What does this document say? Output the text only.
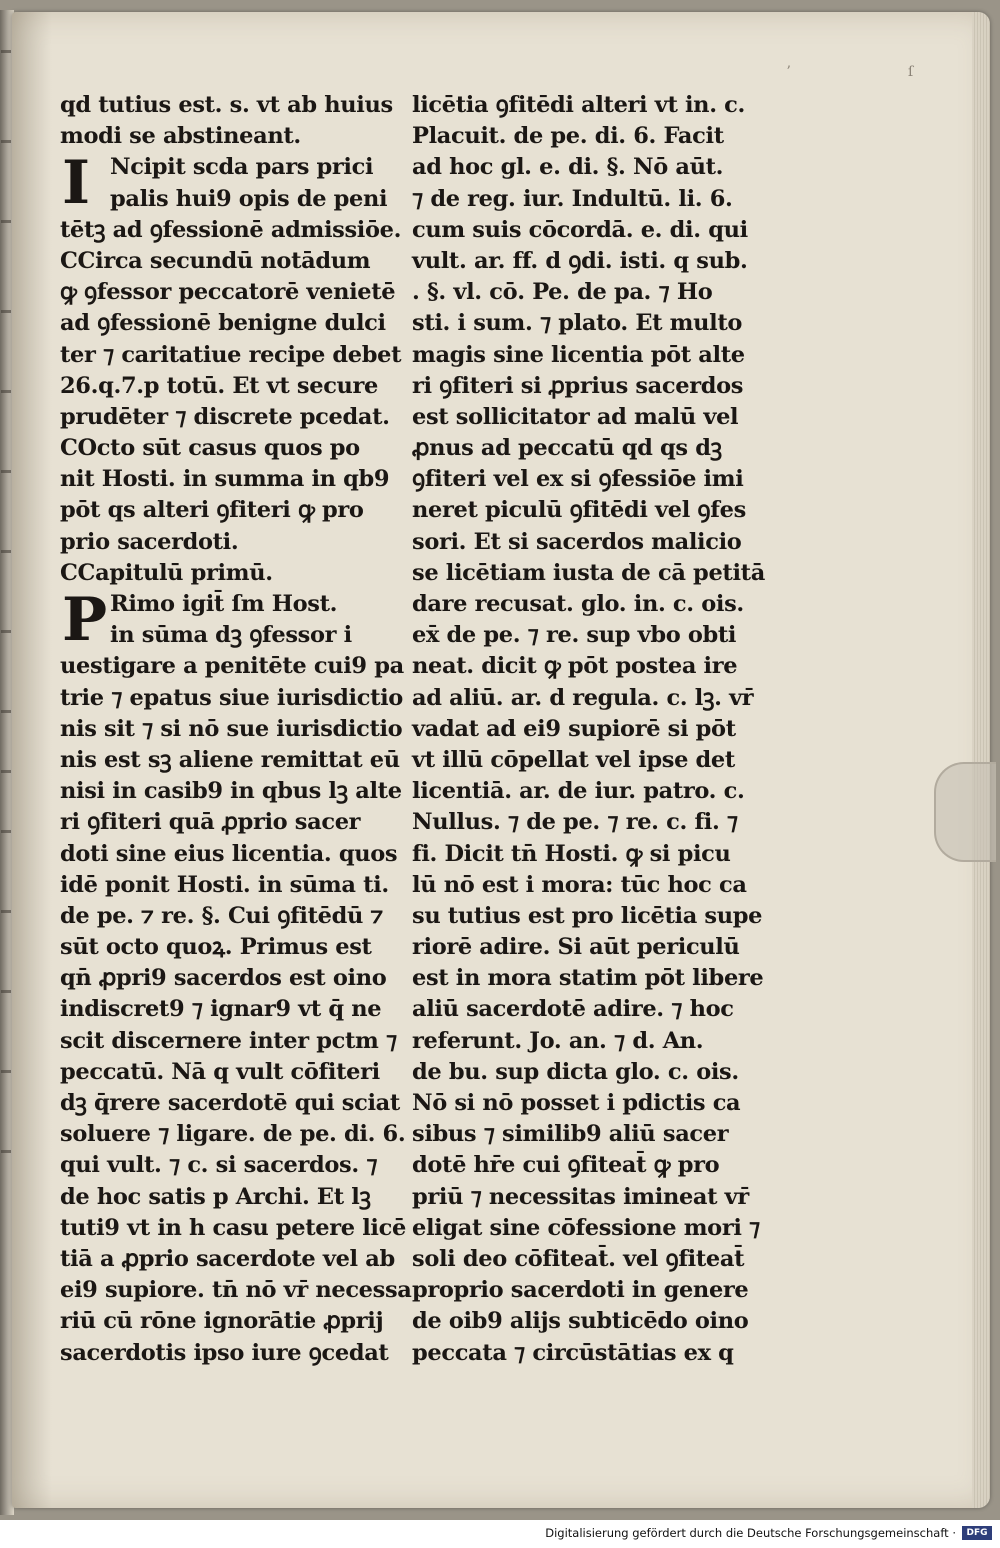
ſ
ʼ
qd tutius est. s. vt ab huius
modi se abstineant.
Ncipit scda pars prici
I palis hui9 opis de peni
tētꝫ ad ꝯfessionē admissiōe.
CCirca secundū notādum
ꝙ ꝯfessor peccatorē venietē
ad ꝯfessionē benigne dulci
ter ⁊ caritatiue recipe debet
26.q.7.p totū. Et vt secure
prudēter ⁊ discrete pcedat.
COcto sūt casus quos po
nit Hosti. in summa in qb9
pōt qs alteri ꝯfiteri ꝙ pro
prio sacerdoti.
CCapitulū primū.
Rimo igit̄ ſm Host.
P in sūma dꝫ ꝯfessor i
uestigare a penitēte cui9 pa
trie ⁊ epatus siue iurisdictio
nis sit ⁊ si nō sue iurisdictio
nis est sꝫ aliene remittat eū
nisi in casib9 in qbus lꝫ alte
ri ꝯfiteri quā ꝓprio sacer
doti sine eius licentia. quos
idē ponit Hosti. in sūma ti.
de pe. ⁊ re. §. Cui ꝯfitēdū ⁊
sūt octo quoꝝ. Primus est
qn̄ ꝓpri9 sacerdos est oino
indiscret9 ⁊ ignar9 vt q̄ ne
scit discernere inter pctm ⁊
peccatū. Nā q vult cōfiteri
dꝫ q̄rere sacerdotē qui sciat
soluere ⁊ ligare. de pe. di. 6.
qui vult. ⁊ c. si sacerdos. ⁊
de hoc satis p Archi. Et lꝫ
tuti9 vt in h casu petere licē
tiā a ꝓprio sacerdote vel ab
ei9 supiore. tn̄ nō vr̄ necessa
riū cū rōne ignorātie ꝓprij
sacerdotis ipso iure ꝯcedat
licētia ꝯfitēdi alteri vt in. c.
Placuit. de pe. di. 6. Facit
ad hoc gl. e. di. §. Nō aūt.
⁊ de reg. iur. Indultū. li. 6.
cum suis cōcordā. e. di. qui
vult. ar. ff. d ꝯdi. isti. q sub.
. §. vl. cō. Pe. de pa. ⁊ Ho
sti. i sum. ⁊ plato. Et multo
magis sine licentia pōt alte
ri ꝯfiteri si ꝓprius sacerdos
est sollicitator ad malū vel
ꝓnus ad peccatū qd qs dꝫ
ꝯfiteri vel ex si ꝯfessiōe imi
neret piculū ꝯfitēdi vel ꝯfes
sori. Et si sacerdos malicio
se licētiam iusta de cā petitā
dare recusat. glo. in. c. ois.
ex̄ de pe. ⁊ re. sup vbo obti
neat. dicit ꝙ pōt postea ire
ad aliū. ar. d regula. c. lꝫ. vr̄
vadat ad ei9 supiorē si pōt
vt illū cōpellat vel ipse det
licentiā. ar. de iur. patro. c.
Nullus. ⁊ de pe. ⁊ re. c. fi. ⁊
fi. Dicit tn̄ Hosti. ꝙ si picu
lū nō est i mora: tūc hoc ca
su tutius est pro licētia supe
riorē adire. Si aūt periculū
est in mora statim pōt libere
aliū sacerdotē adire. ⁊ hoc
referunt. Jo. an. ⁊ d. An.
de bu. sup dicta glo. c. ois.
Nō si nō posset i pdictis ca
sibus ⁊ similib9 aliū sacer
dotē hr̄e cui ꝯfiteat̄ ꝙ pro
priū ⁊ necessitas imineat vr̄
eligat sine cōfessione mori ⁊
soli deo cōfiteat̄. vel ꝯfiteat̄
proprio sacerdoti in genere
de oib9 alijs subticēdo oino
peccata ⁊ circūstātias ex q
Digitalisierung gefördert durch die Deutsche Forschungsgemeinschaft ·	DFG
